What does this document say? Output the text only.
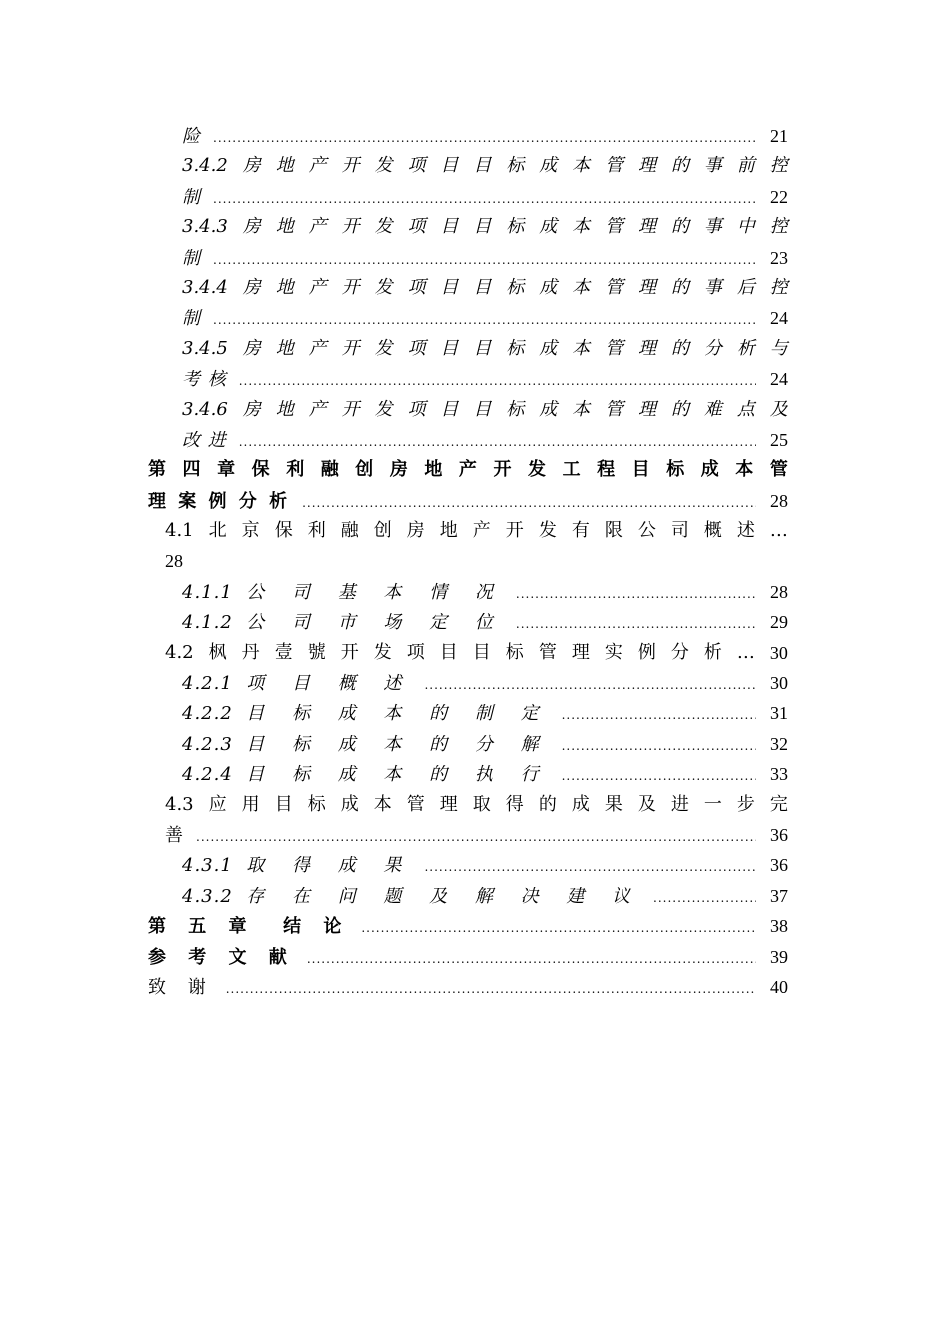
险 .....	21
3.4.2 房 地 产 开 发 项 目 目 标 成 本 管 理 的 事 前 控
制 .....	22
3.4.3 房 地 产 开 发 项 目 目 标 成 本 管 理 的 事 中 控
制 .....	23
3.4.4 房 地 产 开 发 项 目 目 标 成 本 管 理 的 事 后 控
制 .....	24
3.4.5 房 地 产 开 发 项 目 目 标 成 本 管 理 的 分 析 与
考 核 .....	24
3.4.6 房 地 产 开 发 项 目 目 标 成 本 管 理 的 难 点 及
改 进 .....	25
第 四 章 保 利 融 创 房 地 产 开 发 工 程 目 标 成 本 管
理 案 例 分 析 .....	28
4.1 北 京 保 利 融 创 房 地 产 开 发 有 限 公 司 概 述 …
28
4.1.1 公 司 基 本 情 况 .....	28
4.1.2 公 司 市 场 定 位 .....	29
4.2 枫 丹 壹 號 开 发 项 目 目 标 管 理 实 例 分 析 … 30
4.2.1 项 目 概 述 .....	30
4.2.2 目 标 成 本 的 制 定 .....	31
4.2.3 目 标 成 本 的 分 解 .....	32
4.2.4 目 标 成 本 的 执 行 .....	33
4.3 应 用 目 标 成 本 管 理 取 得 的 成 果 及 进 一 步 完
善 .....	36
4.3.1 取 得 成 果 .....	36
4.3.2 存 在 问 题 及 解 决 建 议 .....	37
第 五 章  结 论 .....	38
参 考 文 献 .....	39
致 谢 .....	40
